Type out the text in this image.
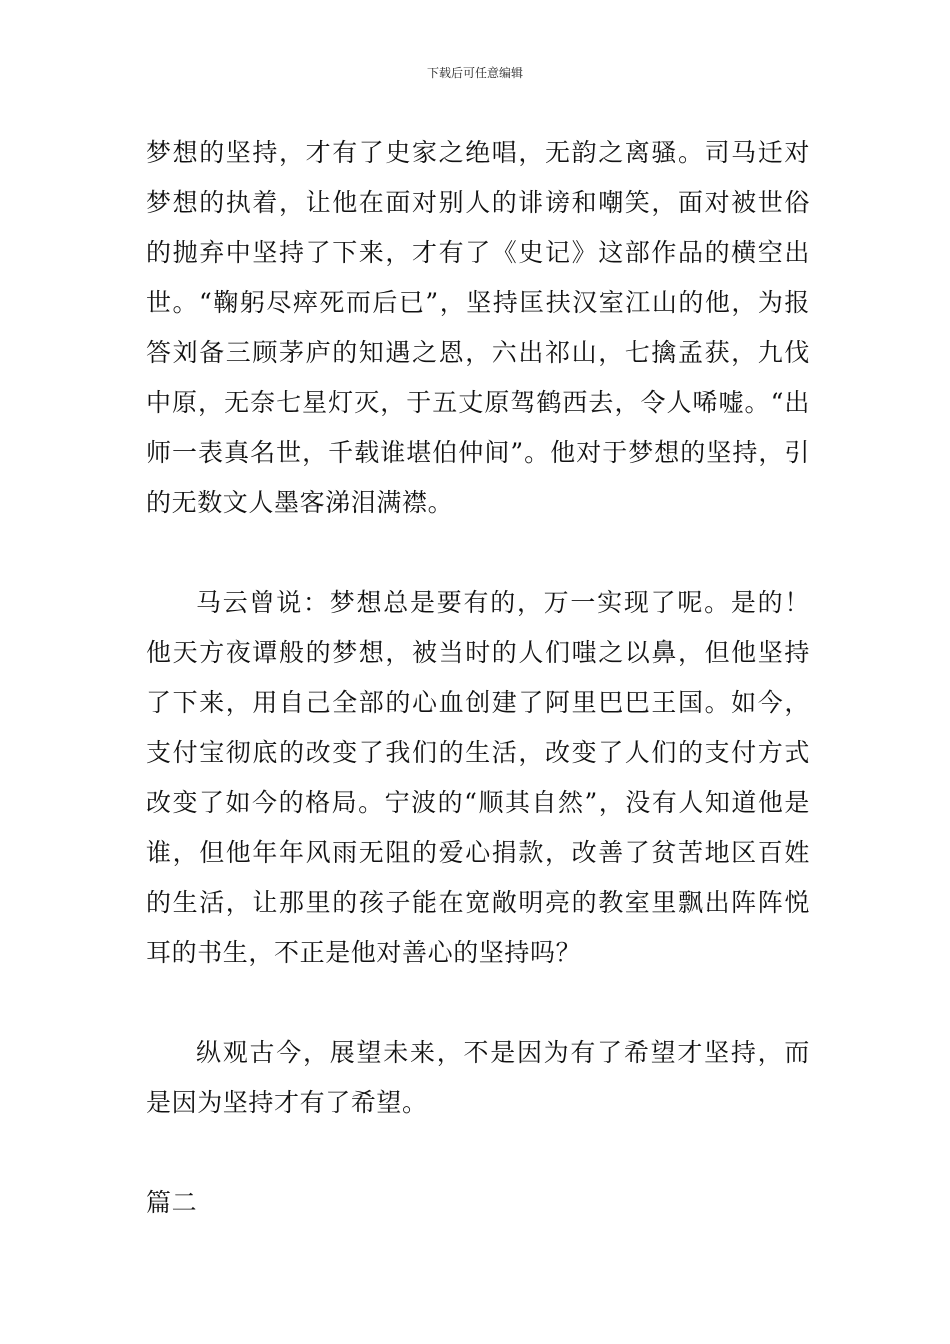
下载后可任意编辑

梦想的坚持，才有了史家之绝唱，无韵之离骚。司马迁对梦想的执着，让他在面对别人的诽谤和嘲笑，面对被世俗的抛弃中坚持了下来，才有了《史记》这部作品的横空出世。“鞠躬尽瘁死而后已”，坚持匡扶汉室江山的他，为报答刘备三顾茅庐的知遇之恩，六出祁山，七擒孟获，九伐中原，无奈七星灯灭，于五丈原驾鹤西去，令人唏嘘。“出师一表真名世，千载谁堪伯仲间”。他对于梦想的坚持，引的无数文人墨客涕泪满襟。

马云曾说：梦想总是要有的，万一实现了呢。是的！他天方夜谭般的梦想，被当时的人们嗤之以鼻，但他坚持了下来，用自己全部的心血创建了阿里巴巴王国。如今，支付宝彻底的改变了我们的生活，改变了人们的支付方式改变了如今的格局。宁波的“顺其自然”，没有人知道他是谁，但他年年风雨无阻的爱心捐款，改善了贫苦地区百姓的生活，让那里的孩子能在宽敞明亮的教室里飘出阵阵悦耳的书生，不正是他对善心的坚持吗？

纵观古今，展望未来，不是因为有了希望才坚持，而是因为坚持才有了希望。

篇二
